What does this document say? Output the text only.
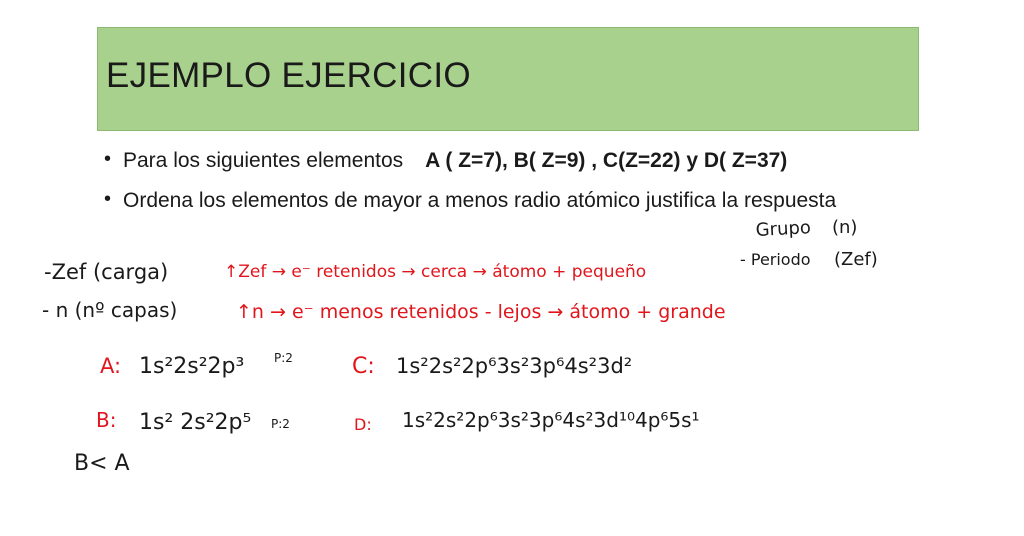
EJEMPLO EJERCICIO
• Para los siguientes elementos A ( Z=7), B( Z=9) , C(Z=22) y D( Z=37)
• Ordena los elementos de mayor a menos radio atómico justifica la respuesta
Grupo (n)
- Periodo (Zef)
-Zef (carga)	↑Zef → e⁻ retenidos → cerca → átomo + pequeño
- n (nº capas)	↑n → e⁻ menos retenidos - lejos → átomo + grande
A: 1s²2s²2p³ P:2	C: 1s²2s²2p⁶3s²3p⁶4s²3d²
B: 1s² 2s²2p⁵ P:2	D: 1s²2s²2p⁶3s²3p⁶4s²3d¹⁰4p⁶5s¹
B< A
